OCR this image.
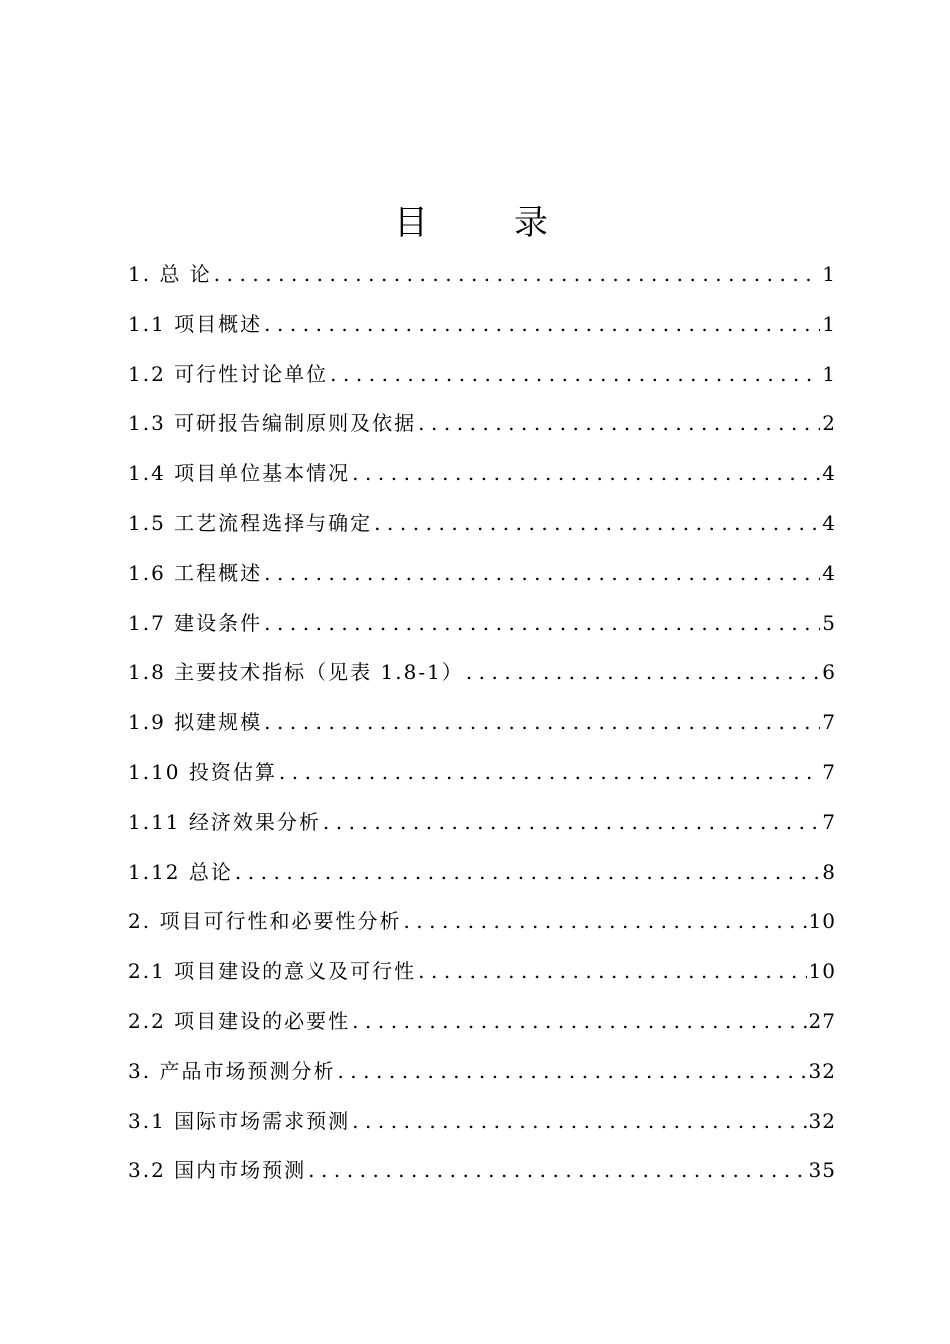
目　录
1. 总 论 .....	1
1.1 项目概述 .....	1
1.2 可行性讨论单位 .....	1
1.3 可研报告编制原则及依据 .....	2
1.4 项目单位基本情况 .....	4
1.5 工艺流程选择与确定 .....	4
1.6 工程概述 .....	4
1.7 建设条件 .....	5
1.8 主要技术指标（见表 1.8-1） .....	6
1.9 拟建规模 .....	7
1.10 投资估算 .....	7
1.11 经济效果分析 .....	7
1.12 总论 .....	8
2. 项目可行性和必要性分析 .....	10
2.1 项目建设的意义及可行性 .....	10
2.2 项目建设的必要性 .....	27
3. 产品市场预测分析 .....	32
3.1 国际市场需求预测 .....	32
3.2 国内市场预测 .....	35
